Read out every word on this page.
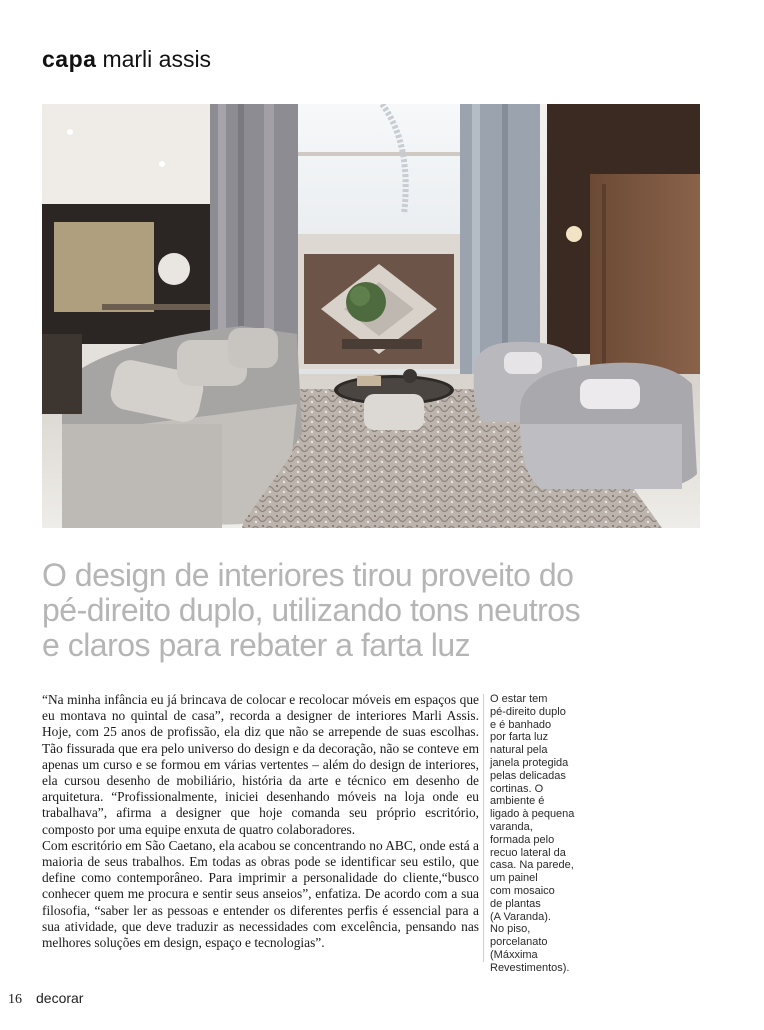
capa marli assis
O design de interiores tirou proveito do
pé-direito duplo, utilizando tons neutros
e claros para rebater a farta luz

“Na minha infância eu já brincava de colocar e recolocar móveis em espaços que eu montava no quintal de casa”, recorda a designer de interiores Marli Assis. Hoje, com 25 anos de profissão, ela diz que não se arrepende de suas escolhas. Tão fissurada que era pelo universo do design e da decoração, não se conteve em apenas um curso e se formou em várias vertentes – além do design de interiores, ela cursou desenho de mobiliário, história da arte e técnico em desenho de arquitetura. “Profissionalmente, iniciei desenhando móveis na loja onde eu trabalhava”, afirma a designer que hoje comanda seu próprio escritório, composto por uma equipe enxuta de quatro colaboradores.

Com escritório em São Caetano, ela acabou se concentrando no ABC, onde está a maioria de seus trabalhos. Em todas as obras pode se identificar seu estilo, que define como contemporâneo. Para imprimir a personalidade do cliente,“busco conhecer quem me procura e sentir seus anseios”, enfatiza. De acordo com a sua filosofia, “saber ler as pessoas e entender os diferentes perfis é essencial para a sua atividade, que deve traduzir as necessidades com excelência, pensando nas melhores soluções em design, espaço e tecnologias”.

O estar tem
pé-direito duplo
e é banhado
por farta luz
natural pela
janela protegida
pelas delicadas
cortinas. O
ambiente é
ligado à pequena
varanda,
formada pelo
recuo lateral da
casa. Na parede,
um painel
com mosaico
de plantas
(A Varanda).
No piso,
porcelanato
(Máxxima
Revestimentos).
16 decorar
